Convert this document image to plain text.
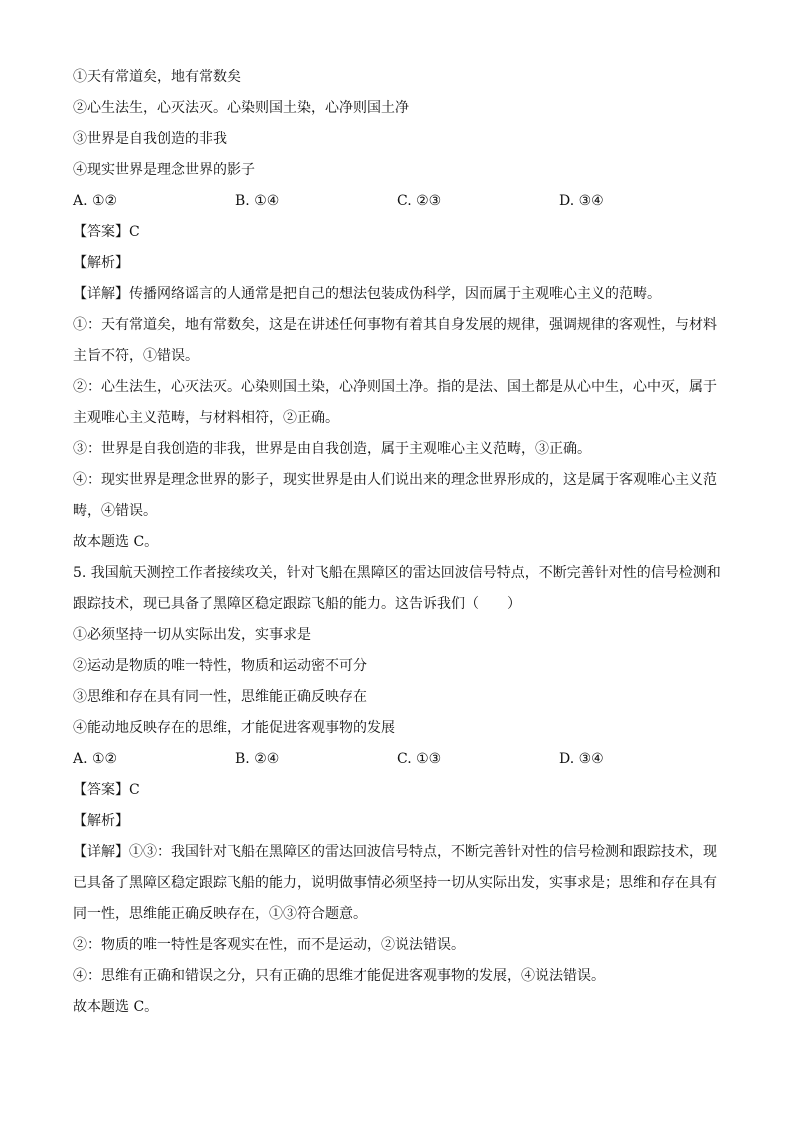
①天有常道矣，地有常数矣
②心生法生，心灭法灭。心染则国土染，心净则国土净
③世界是自我创造的非我
④现实世界是理念世界的影子
A. ①②	B. ①④	C. ②③	D. ③④
【答案】C
【解析】
【详解】传播网络谣言的人通常是把自己的想法包装成伪科学，因而属于主观唯心主义的范畴。
①：天有常道矣，地有常数矣，这是在讲述任何事物有着其自身发展的规律，强调规律的客观性，与材料主旨不符，①错误。
②：心生法生，心灭法灭。心染则国土染，心净则国土净。指的是法、国土都是从心中生，心中灭，属于主观唯心主义范畴，与材料相符，②正确。
③：世界是自我创造的非我，世界是由自我创造，属于主观唯心主义范畴，③正确。
④：现实世界是理念世界的影子，现实世界是由人们说出来的理念世界形成的，这是属于客观唯心主义范畴，④错误。
故本题选 C。
5. 我国航天测控工作者接续攻关，针对飞船在黑障区的雷达回波信号特点，不断完善针对性的信号检测和跟踪技术，现已具备了黑障区稳定跟踪飞船的能力。这告诉我们（　　）
①必须坚持一切从实际出发，实事求是
②运动是物质的唯一特性，物质和运动密不可分
③思维和存在具有同一性，思维能正确反映存在
④能动地反映存在的思维，才能促进客观事物的发展
A. ①②	B. ②④	C. ①③	D. ③④
【答案】C
【解析】
【详解】①③：我国针对飞船在黑障区的雷达回波信号特点，不断完善针对性的信号检测和跟踪技术，现已具备了黑障区稳定跟踪飞船的能力，说明做事情必须坚持一切从实际出发，实事求是；思维和存在具有同一性，思维能正确反映存在，①③符合题意。
②：物质的唯一特性是客观实在性，而不是运动，②说法错误。
④：思维有正确和错误之分，只有正确的思维才能促进客观事物的发展，④说法错误。
故本题选 C。
